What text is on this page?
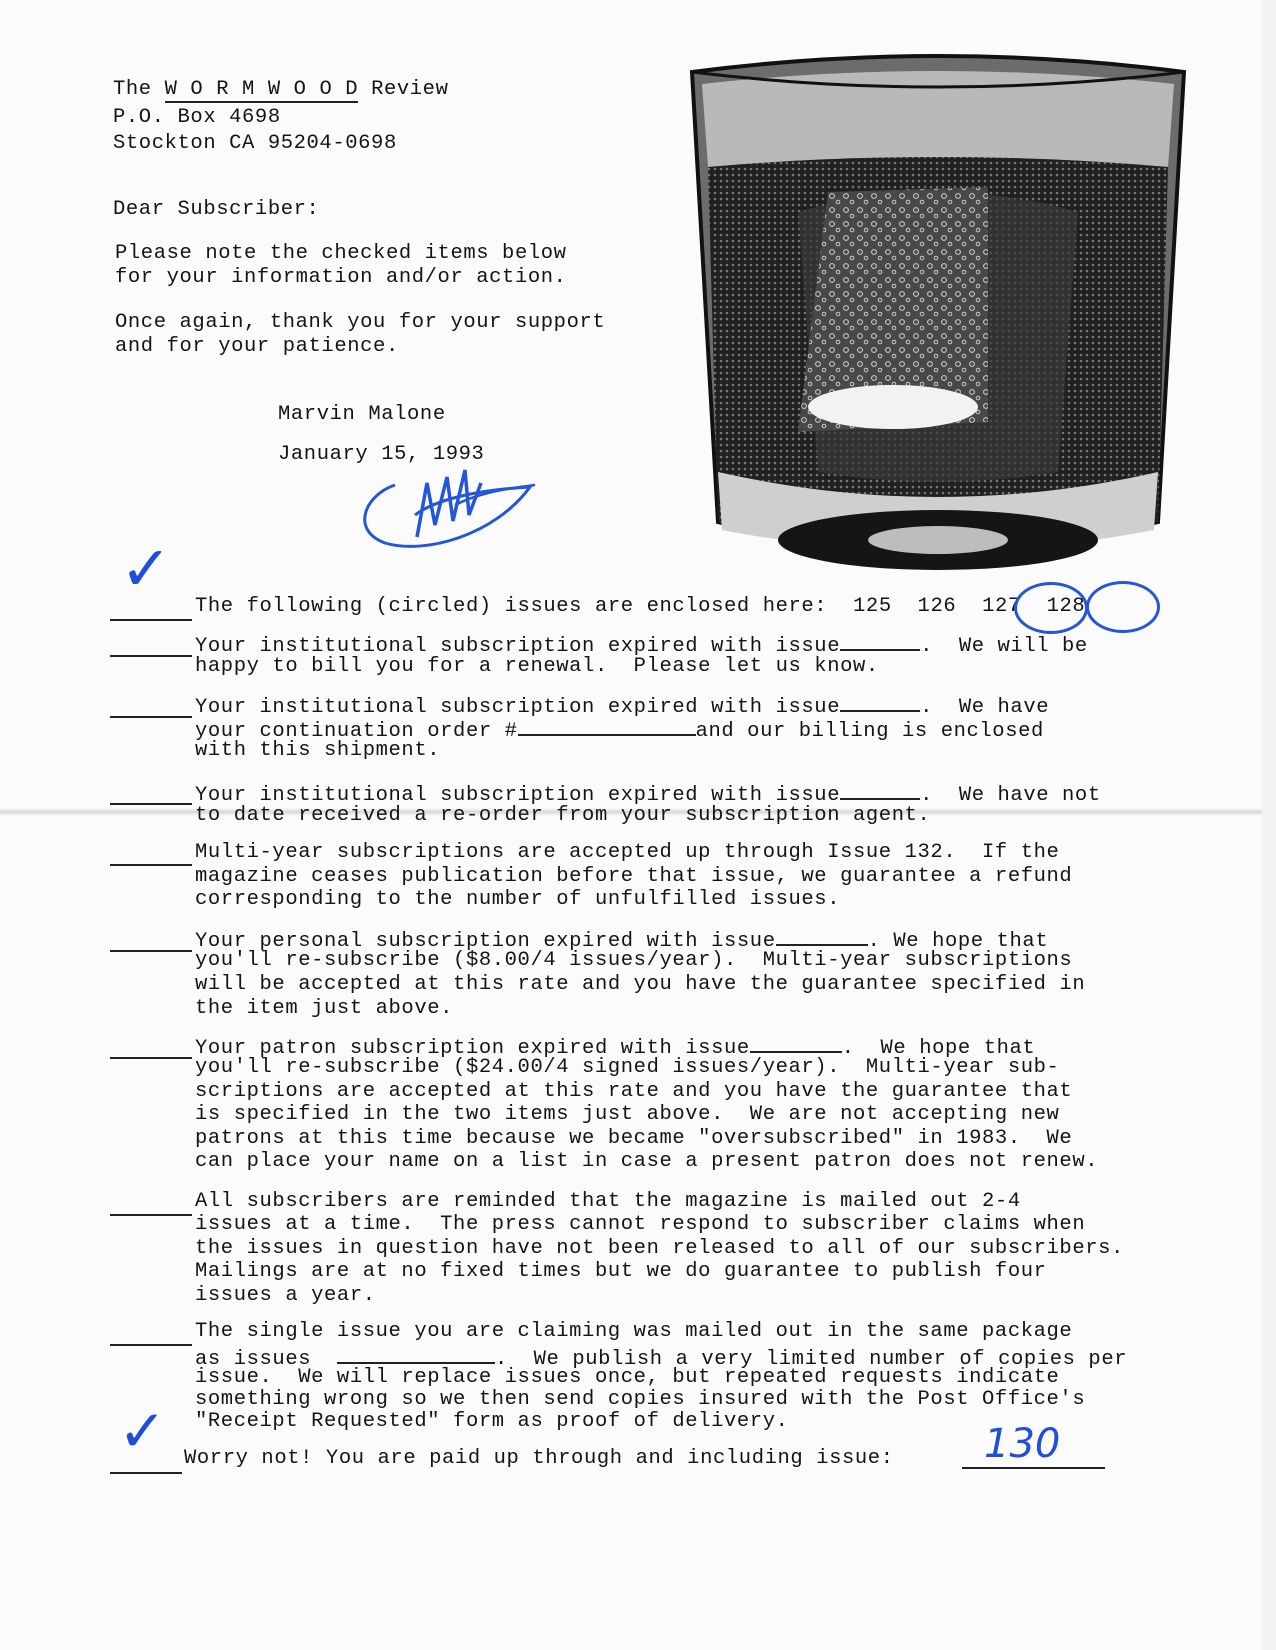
The W O R M W O O D Review
P.O. Box 4698
Stockton CA 95204-0698
Dear Subscriber:
Please note the checked items below
for your information and/or action.
Once again, thank you for your support
and for your patience.
Marvin Malone
January 15, 1993
✓
The following (circled) issues are enclosed here: 125 126 127 128
Your institutional subscription expired with issue	.  We will be
happy to bill you for a renewal.  Please let us know.
Your institutional subscription expired with issue	.  We have
your continuation order #	and our billing is enclosed
with this shipment.
Your institutional subscription expired with issue	.  We have not
to date received a re-order from your subscription agent.
Multi-year subscriptions are accepted up through Issue 132.  If the
magazine ceases publication before that issue, we guarantee a refund
corresponding to the number of unfulfilled issues.
Your personal subscription expired with issue	. We hope that
you'll re-subscribe ($8.00/4 issues/year).  Multi-year subscriptions
will be accepted at this rate and you have the guarantee specified in
the item just above.
Your patron subscription expired with issue	.  We hope that
you'll re-subscribe ($24.00/4 signed issues/year).  Multi-year sub-
scriptions are accepted at this rate and you have the guarantee that
is specified in the two items just above.  We are not accepting new
patrons at this time because we became "oversubscribed" in 1983.  We
can place your name on a list in case a present patron does not renew.
All subscribers are reminded that the magazine is mailed out 2-4
issues at a time.  The press cannot respond to subscriber claims when
the issues in question have not been released to all of our subscribers.
Mailings are at no fixed times but we do guarantee to publish four
issues a year.
The single issue you are claiming was mailed out in the same package
as issues	.  We publish a very limited number of copies per
issue.  We will replace issues once, but repeated requests indicate
something wrong so we then send copies insured with the Post Office's
"Receipt Requested" form as proof of delivery.
✓ Worry not! You are paid up through and including issue: 130
